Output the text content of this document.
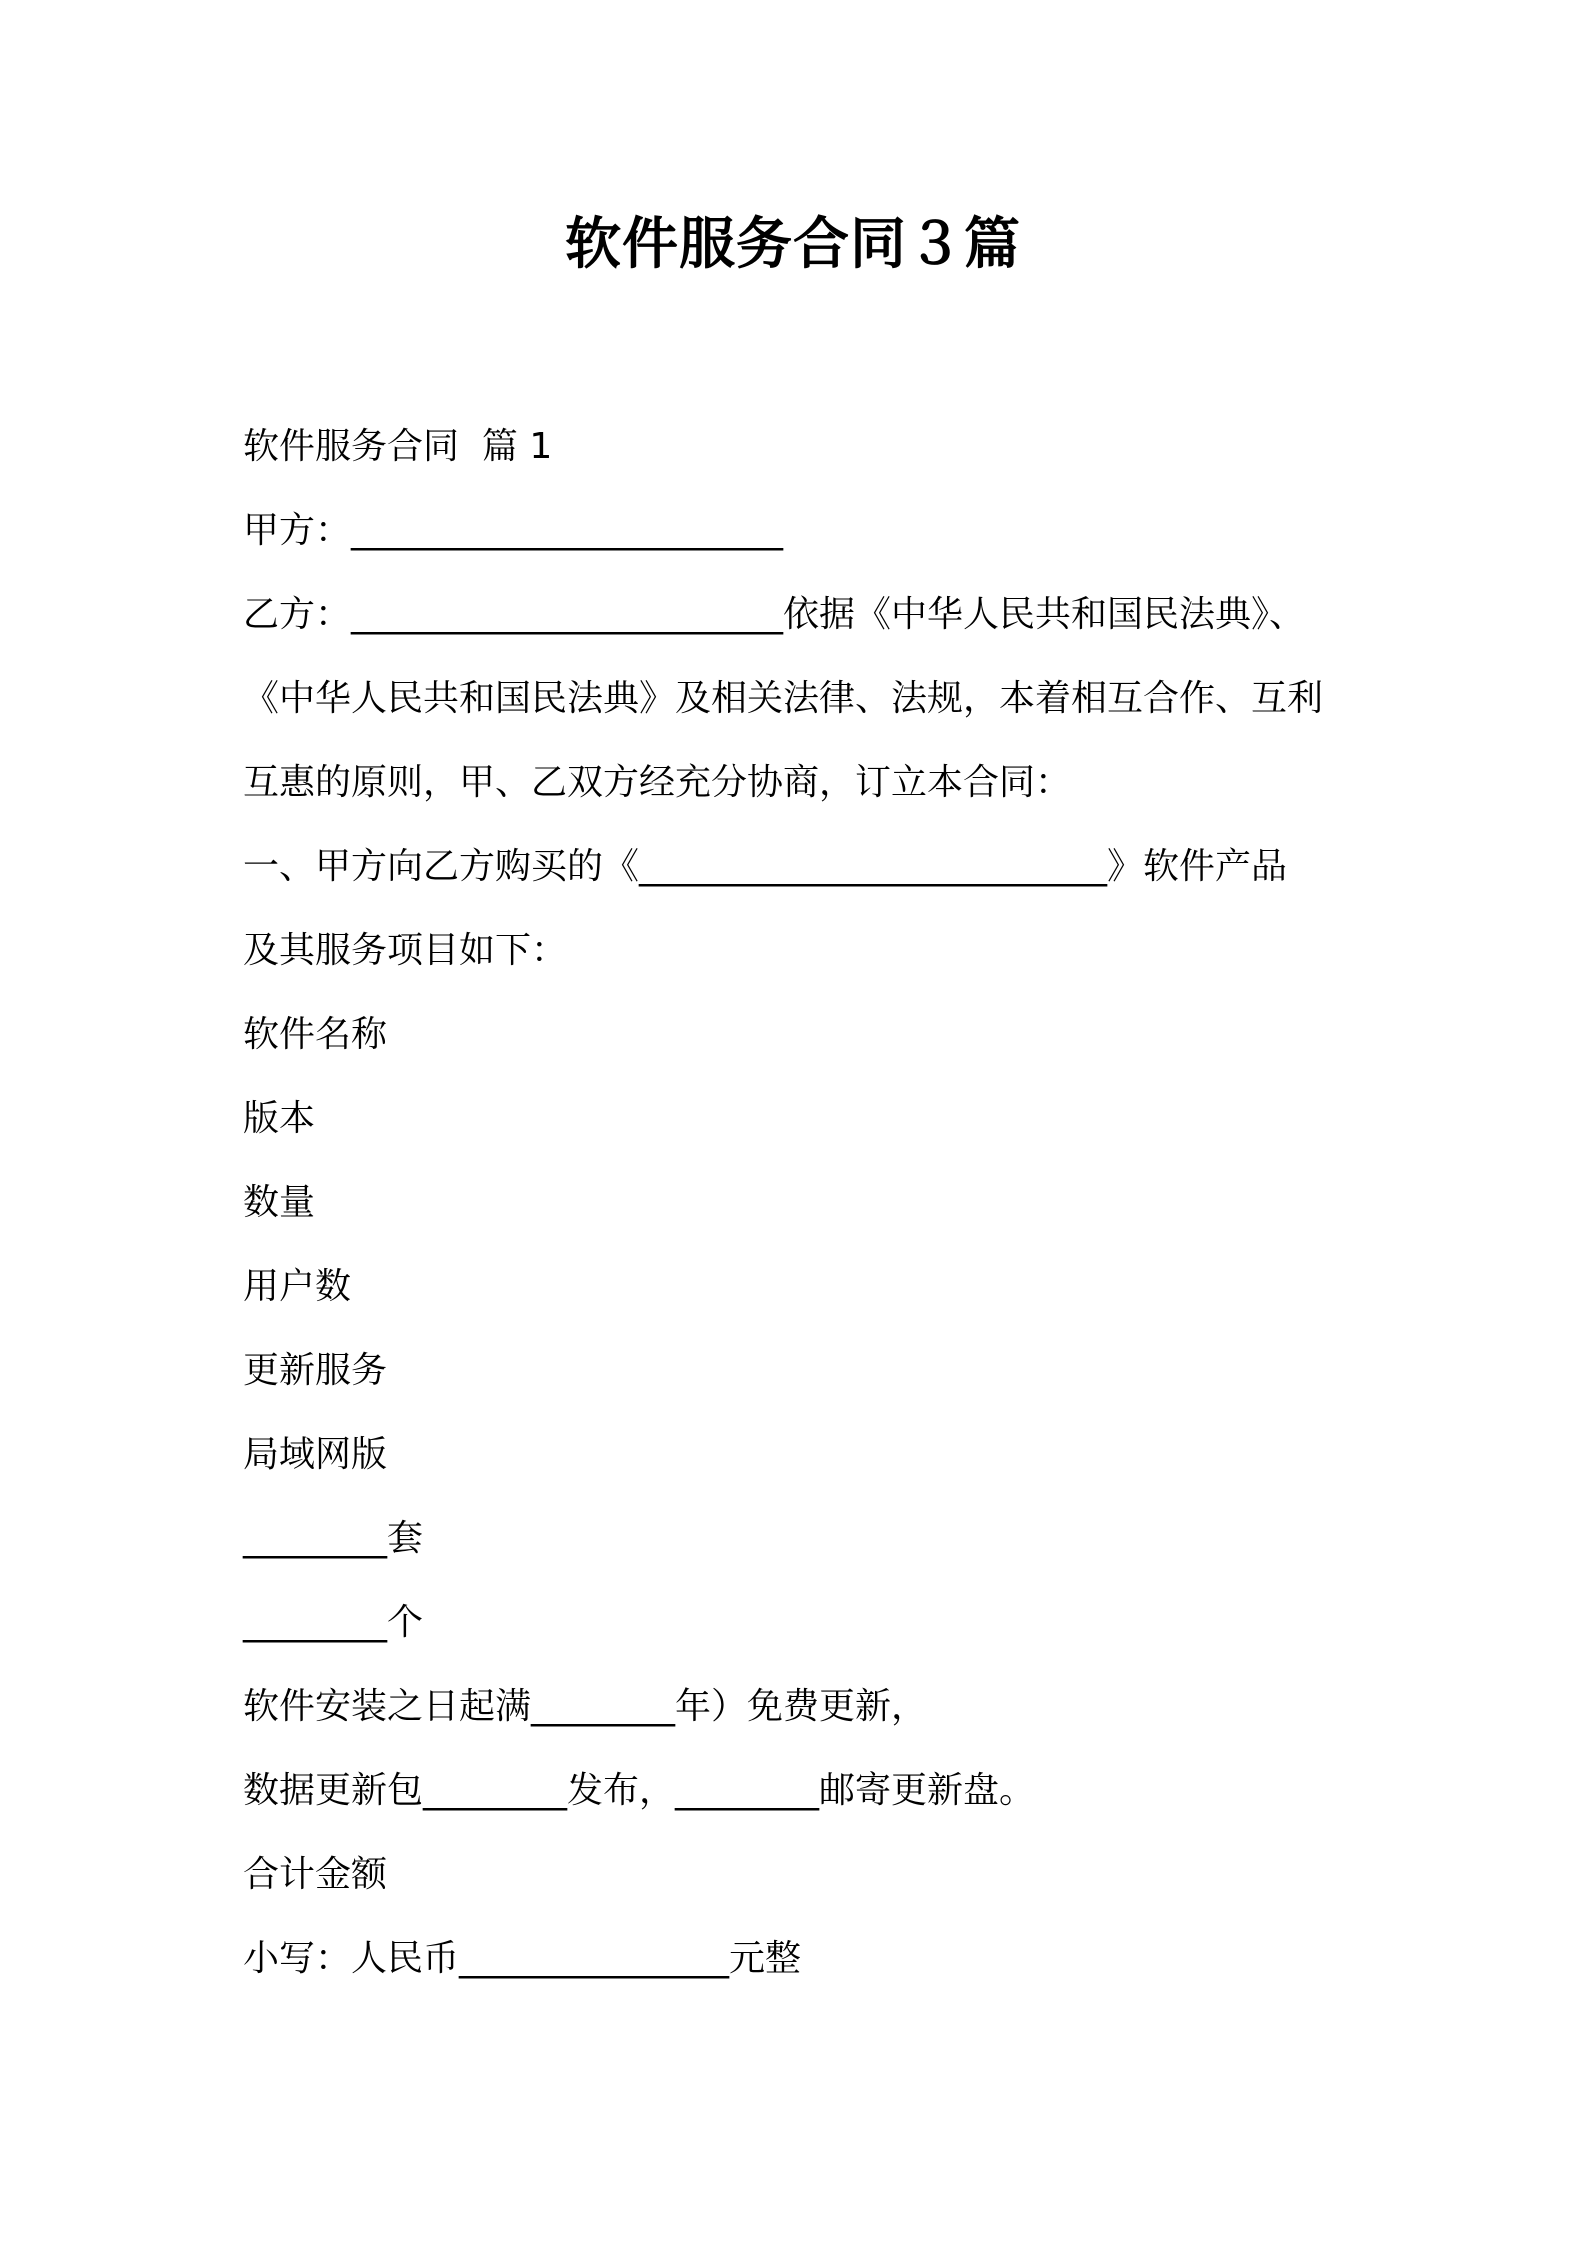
软件服务合同３篇

软件服务合同  篇 1

甲方：________________________

乙方：________________________依据《中华人民共和国民法典》、

《中华人民共和国民法典》及相关法律、法规，本着相互合作、互利

互惠的原则，甲、乙双方经充分协商，订立本合同：

一、甲方向乙方购买的《__________________________》软件产品

及其服务项目如下：

软件名称

版本

数量

用户数

更新服务

局域网版

________套

________个

软件安装之日起满________年）免费更新，

数据更新包________发布，________邮寄更新盘。

合计金额

小写：人民币_______________元整
